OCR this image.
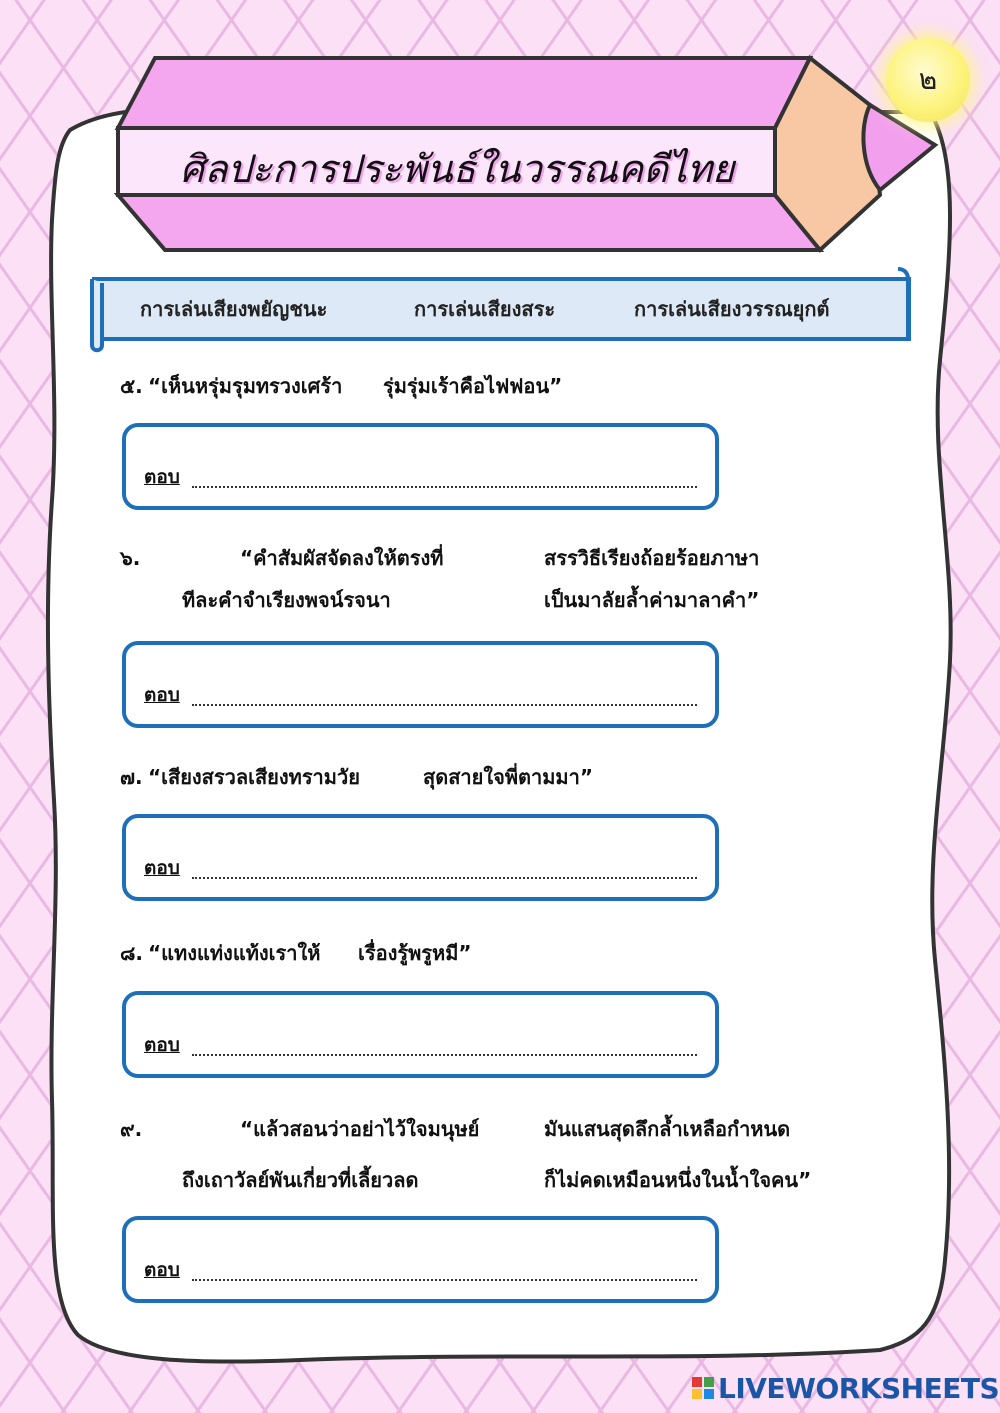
ศิลปะการประพันธ์ในวรรณคดีไทย
๒
การเล่นเสียงพยัญชนะ	การเล่นเสียงสระ	การเล่นเสียงวรรณยุกต์
๕. “เห็นหรุ่มรุมทรวงเศร้า รุ่มรุ่มเร้าคือไฟฟอน”
ตอบ
๖.	“คำสัมผัสจัดลงให้ตรงที่	สรรวิธีเรียงถ้อยร้อยภาษา
ทีละคำจำเรียงพจน์รจนา	เป็นมาลัยล้ำค่ามาลาคำ”
ตอบ
๗. “เสียงสรวลเสียงทรามวัย	สุดสายใจพี่ตามมา”
ตอบ
๘. “แทงแท่งแท้งเราให้ เรื่องรู้พรูหมี”
ตอบ
๙.	“แล้วสอนว่าอย่าไว้ใจมนุษย์	มันแสนสุดลึกล้ำเหลือกำหนด
ถึงเถาวัลย์พันเกี่ยวที่เลี้ยวลด	ก็ไม่คดเหมือนหนึ่งในน้ำใจคน”
ตอบ
LIVEWORKSHEETS
